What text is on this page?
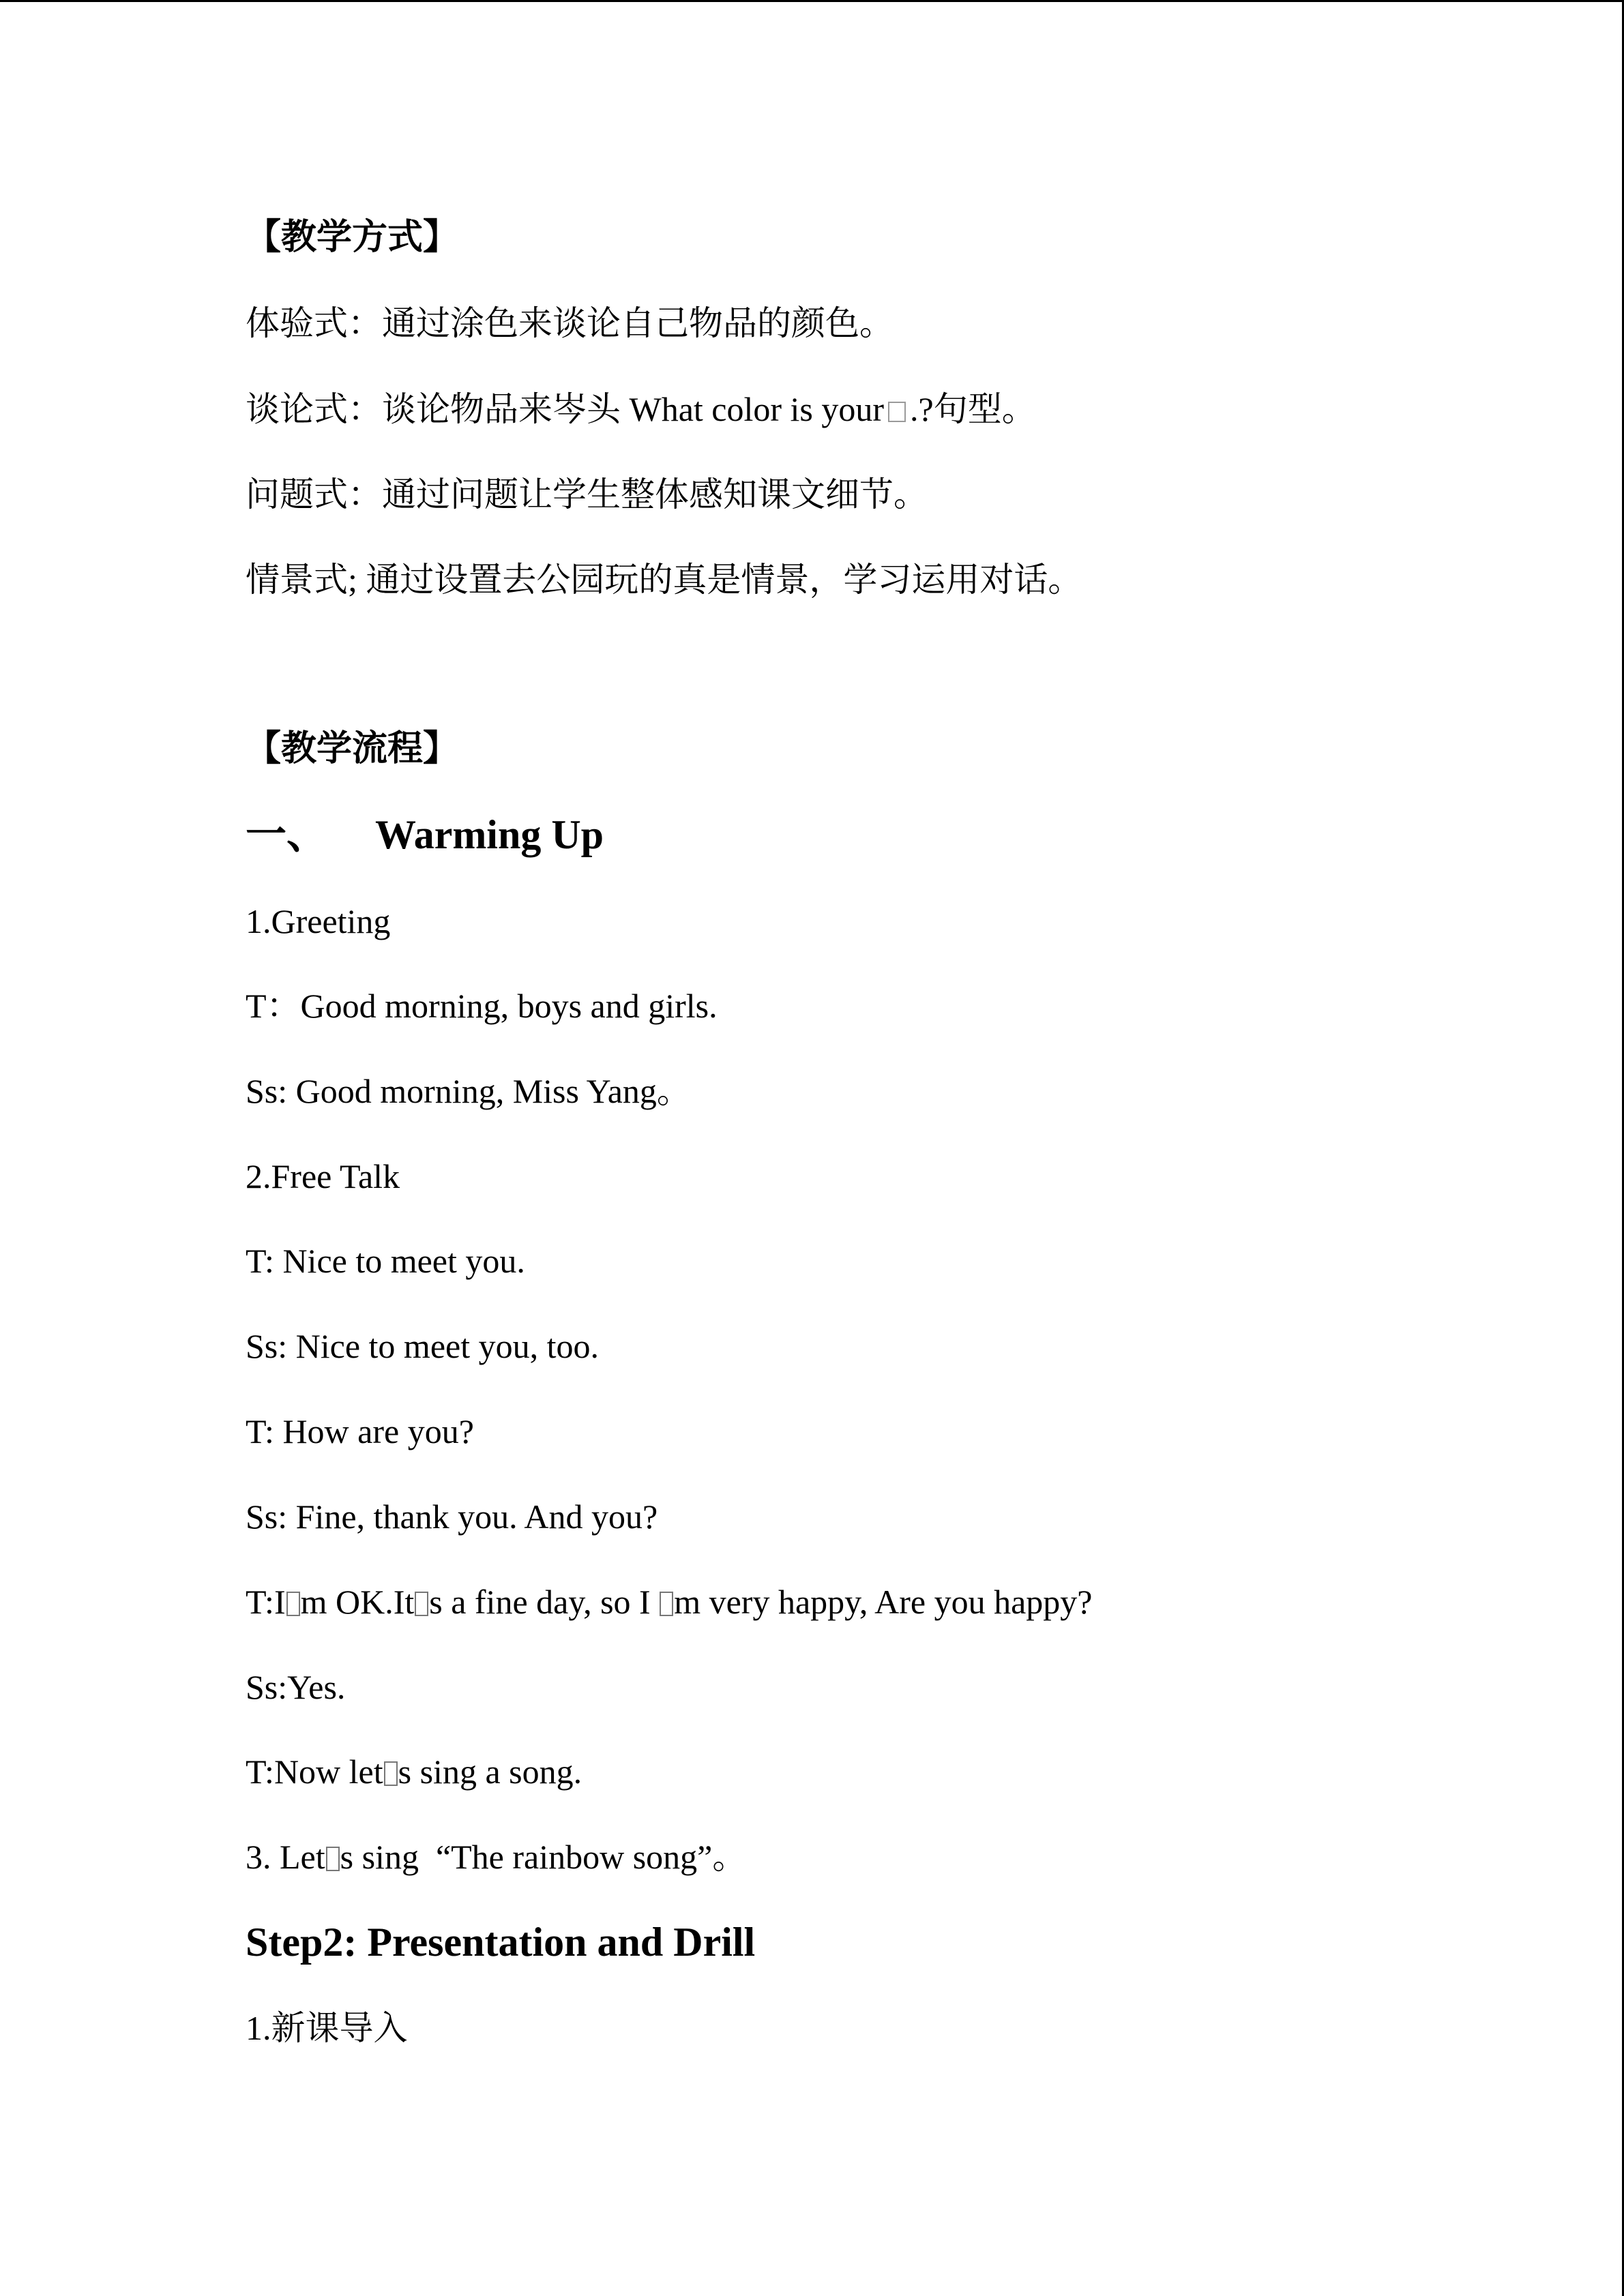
【教学方式】
体验式：通过涂色来谈论自己物品的颜色。
谈论式：谈论物品来岑头 What color is your .?句型。
问题式：通过问题让学生整体感知课文细节。
情景式; 通过设置去公园玩的真是情景，学习运用对话。
【教学流程】
一、 Warming Up
1.Greeting
T：Good morning, boys and girls.
Ss: Good morning, Miss Yang。
2.Free Talk
T: Nice to meet you.
Ss: Nice to meet you, too.
T: How are you?
Ss: Fine, thank you. And you?
T:I m OK.It s a fine day, so I m very happy, Are you happy?
Ss:Yes.
T:Now let s sing a song.
3. Let s sing  “The rainbow song”。
Step2: Presentation and Drill
1.新课导入
